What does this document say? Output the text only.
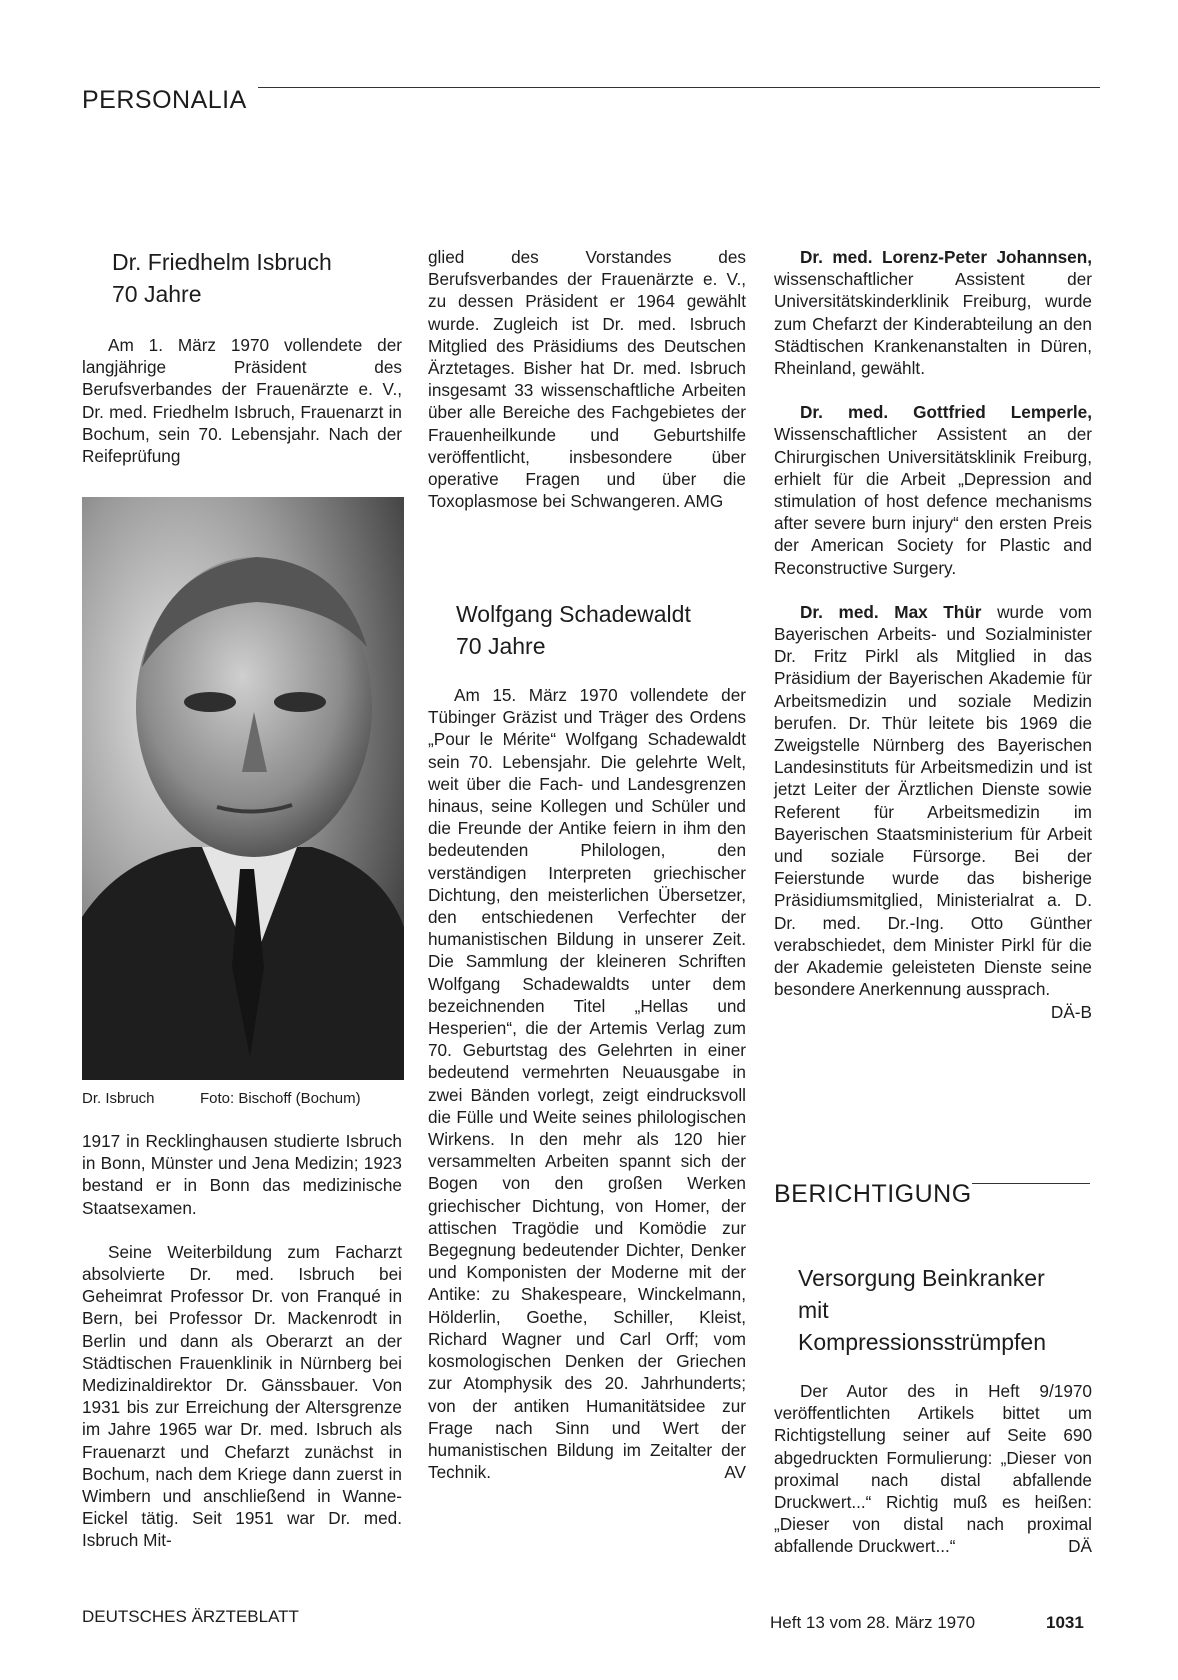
PERSONALIA
Dr. Friedhelm Isbruch
70 Jahre

Am 1. März 1970 vollendete der langjährige Präsident des Berufsverbandes der Frauenärzte e. V., Dr. med. Friedhelm Isbruch, Frauenarzt in Bochum, sein 70. Lebensjahr. Nach der Reifeprüfung

Dr. Isbruch	Foto: Bischoff (Bochum)

1917 in Recklinghausen studierte Isbruch in Bonn, Münster und Jena Medizin; 1923 bestand er in Bonn das medizinische Staatsexamen.

Seine Weiterbildung zum Facharzt absolvierte Dr. med. Isbruch bei Geheimrat Professor Dr. von Franqué in Bern, bei Professor Dr. Mackenrodt in Berlin und dann als Oberarzt an der Städtischen Frauenklinik in Nürnberg bei Medizinaldirektor Dr. Gänssbauer. Von 1931 bis zur Erreichung der Altersgrenze im Jahre 1965 war Dr. med. Isbruch als Frauenarzt und Chefarzt zunächst in Bochum, nach dem Kriege dann zuerst in Wimbern und anschließend in Wanne-Eickel tätig. Seit 1951 war Dr. med. Isbruch Mit-

glied des Vorstandes des Berufsverbandes der Frauenärzte e. V., zu dessen Präsident er 1964 gewählt wurde. Zugleich ist Dr. med. Isbruch Mitglied des Präsidiums des Deutschen Ärztetages. Bisher hat Dr. med. Isbruch insgesamt 33 wissenschaftliche Arbeiten über alle Bereiche des Fachgebietes der Frauenheilkunde und Geburtshilfe veröffentlicht, insbesondere über operative Fragen und über die Toxoplasmose bei Schwangeren. AMG

Wolfgang Schadewaldt
70 Jahre

Am 15. März 1970 vollendete der Tübinger Gräzist und Träger des Ordens „Pour le Mérite“ Wolfgang Schadewaldt sein 70. Lebensjahr. Die gelehrte Welt, weit über die Fach- und Landesgrenzen hinaus, seine Kollegen und Schüler und die Freunde der Antike feiern in ihm den bedeutenden Philologen, den verständigen Interpreten griechischer Dichtung, den meisterlichen Übersetzer, den entschiedenen Verfechter der humanistischen Bildung in unserer Zeit. Die Sammlung der kleineren Schriften Wolfgang Schadewaldts unter dem bezeichnenden Titel „Hellas und Hesperien“, die der Artemis Verlag zum 70. Geburtstag des Gelehrten in einer bedeutend vermehrten Neuausgabe in zwei Bänden vorlegt, zeigt eindrucksvoll die Fülle und Weite seines philologischen Wirkens. In den mehr als 120 hier versammelten Arbeiten spannt sich der Bogen von den großen Werken griechischer Dichtung, von Homer, der attischen Tragödie und Komödie zur Begegnung bedeutender Dichter, Denker und Komponisten der Moderne mit der Antike: zu Shakespeare, Winckelmann, Hölderlin, Goethe, Schiller, Kleist, Richard Wagner und Carl Orff; vom kosmologischen Denken der Griechen zur Atomphysik des 20. Jahrhunderts; von der antiken Humanitätsidee zur Frage nach Sinn und Wert der humanistischen Bildung im Zeitalter der Technik.	AV

Dr. med. Lorenz-Peter Johannsen, wissenschaftlicher Assistent der Universitätskinderklinik Freiburg, wurde zum Chefarzt der Kinderabteilung an den Städtischen Krankenanstalten in Düren, Rheinland, gewählt.

Dr. med. Gottfried Lemperle, Wissenschaftlicher Assistent an der Chirurgischen Universitätsklinik Freiburg, erhielt für die Arbeit „Depression and stimulation of host defence mechanisms after severe burn injury“ den ersten Preis der American Society for Plastic and Reconstructive Surgery.

Dr. med. Max Thür wurde vom Bayerischen Arbeits- und Sozialminister Dr. Fritz Pirkl als Mitglied in das Präsidium der Bayerischen Akademie für Arbeitsmedizin und soziale Medizin berufen. Dr. Thür leitete bis 1969 die Zweigstelle Nürnberg des Bayerischen Landesinstituts für Arbeitsmedizin und ist jetzt Leiter der Ärztlichen Dienste sowie Referent für Arbeitsmedizin im Bayerischen Staatsministerium für Arbeit und soziale Fürsorge. Bei der Feierstunde wurde das bisherige Präsidiumsmitglied, Ministerialrat a. D. Dr. med. Dr.-Ing. Otto Günther verabschiedet, dem Minister Pirkl für die der Akademie geleisteten Dienste seine besondere Anerkennung aussprach.
DÄ-B

BERICHTIGUNG
Versorgung Beinkranker
mit
Kompressionsstrümpfen

Der Autor des in Heft 9/1970 veröffentlichten Artikels bittet um Richtigstellung seiner auf Seite 690 abgedruckten Formulierung: „Dieser von proximal nach distal abfallende Druckwert...“ Richtig muß es heißen: „Dieser von distal nach proximal abfallende Druckwert...“	DÄ

DEUTSCHES ÄRZTEBLATT	Heft 13 vom 28. März 1970	1031
